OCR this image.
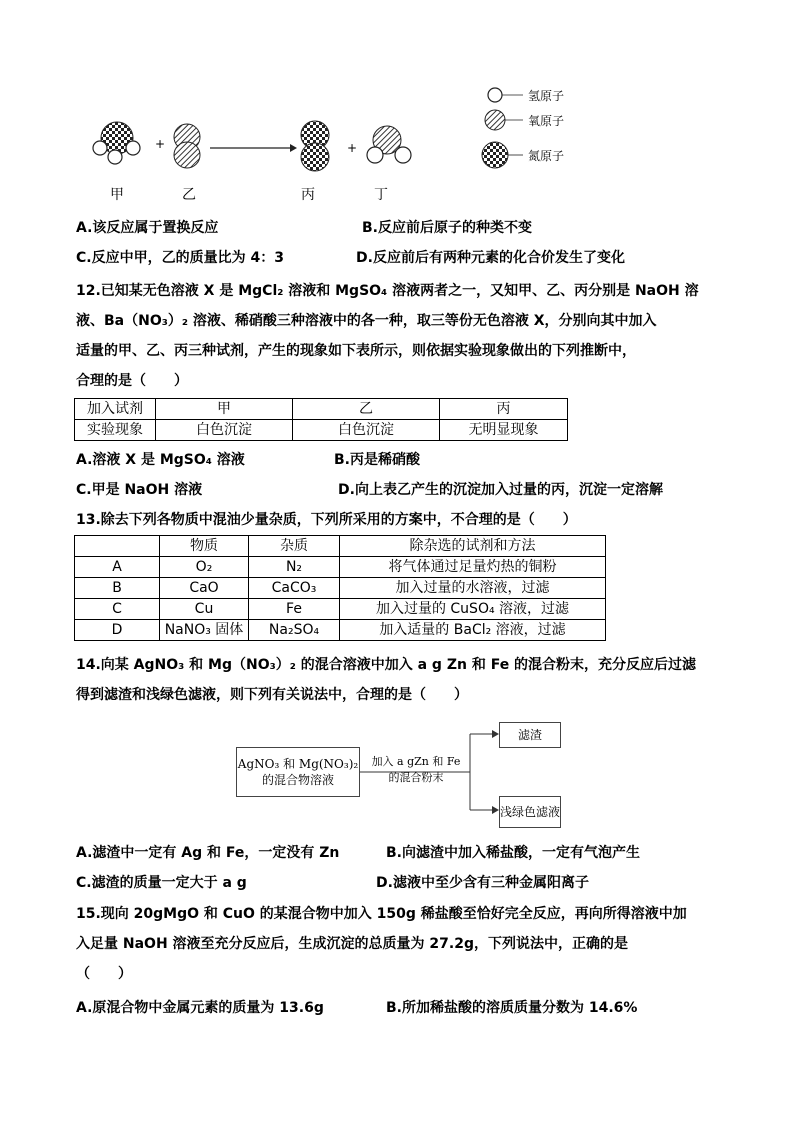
+	+
氢原子
氧原子
氮原子
甲	乙	丙	丁
A.该反应属于置换反应	B.反应前后原子的种类不变
C.反应中甲，乙的质量比为 4：3	D.反应前后有两种元素的化合价发生了变化
12.已知某无色溶液 X 是 MgCl₂ 溶液和 MgSO₄ 溶液两者之一，又知甲、乙、丙分别是 NaOH 溶
液、Ba（NO₃）₂ 溶液、稀硝酸三种溶液中的各一种，取三等份无色溶液 X，分别向其中加入
适量的甲、乙、丙三种试剂，产生的现象如下表所示，则依据实验现象做出的下列推断中，
合理的是（　　）
加入试剂	甲	乙	丙
实验现象	白色沉淀	白色沉淀	无明显现象
A.溶液 X 是 MgSO₄ 溶液	B.丙是稀硝酸
C.甲是 NaOH 溶液	D.向上表乙产生的沉淀加入过量的丙，沉淀一定溶解
13.除去下列各物质中混油少量杂质，下列所采用的方案中，不合理的是（　　）
	物质	杂质	除杂选的试剂和方法
A	O₂	N₂	将气体通过足量灼热的铜粉
B	CaO	CaCO₃	加入过量的水溶液，过滤
C	Cu	Fe	加入过量的 CuSO₄ 溶液，过滤
D	NaNO₃ 固体	Na₂SO₄	加入适量的 BaCl₂ 溶液，过滤
14.向某 AgNO₃ 和 Mg（NO₃）₂ 的混合溶液中加入 a g Zn 和 Fe 的混合粉末，充分反应后过滤
得到滤渣和浅绿色滤液，则下列有关说法中，合理的是（　　）
AgNO₃ 和 Mg(NO₃)₂
的混合物溶液
加入 a gZn 和 Fe
的混合粉末
滤渣
浅绿色滤液
A.滤渣中一定有 Ag 和 Fe，一定没有 Zn	B.向滤渣中加入稀盐酸，一定有气泡产生
C.滤渣的质量一定大于 a g	D.滤液中至少含有三种金属阳离子
15.现向 20gMgO 和 CuO 的某混合物中加入 150g 稀盐酸至恰好完全反应，再向所得溶液中加
入足量 NaOH 溶液至充分反应后，生成沉淀的总质量为 27.2g，下列说法中，正确的是
（　　）
A.原混合物中金属元素的质量为 13.6g	B.所加稀盐酸的溶质质量分数为 14.6%
